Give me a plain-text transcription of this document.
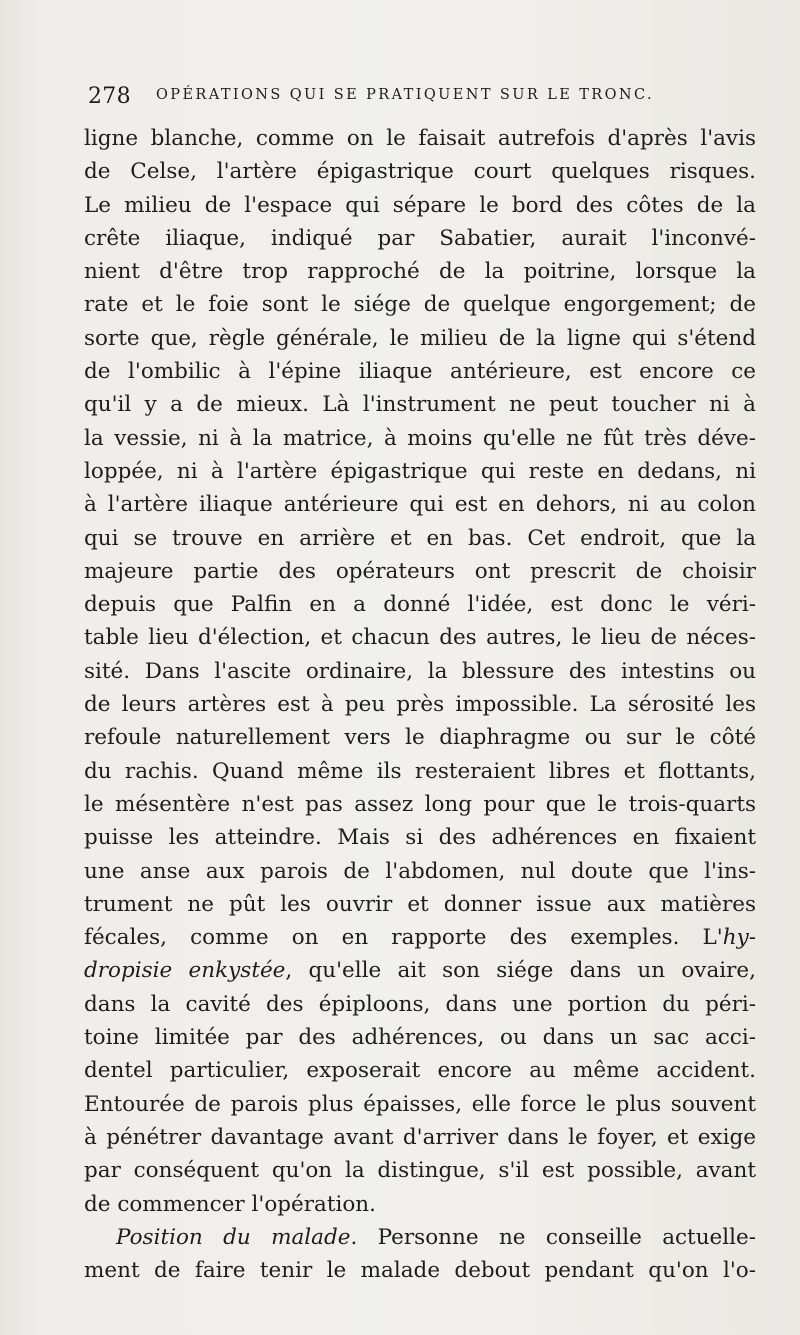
278 OPÉRATIONS QUI SE PRATIQUENT SUR LE TRONC.
ligne blanche, comme on le faisait autrefois d'après l'avis
de Celse, l'artère épigastrique court quelques risques.
Le milieu de l'espace qui sépare le bord des côtes de la
crête iliaque, indiqué par Sabatier, aurait l'inconvé-
nient d'être trop rapproché de la poitrine, lorsque la
rate et le foie sont le siége de quelque engorgement; de
sorte que, règle générale, le milieu de la ligne qui s'étend
de l'ombilic à l'épine iliaque antérieure, est encore ce
qu'il y a de mieux. Là l'instrument ne peut toucher ni à
la vessie, ni à la matrice, à moins qu'elle ne fût très déve-
loppée, ni à l'artère épigastrique qui reste en dedans, ni
à l'artère iliaque antérieure qui est en dehors, ni au colon
qui se trouve en arrière et en bas. Cet endroit, que la
majeure partie des opérateurs ont prescrit de choisir
depuis que Palfin en a donné l'idée, est donc le véri-
table lieu d'élection, et chacun des autres, le lieu de néces-
sité. Dans l'ascite ordinaire, la blessure des intestins ou
de leurs artères est à peu près impossible. La sérosité les
refoule naturellement vers le diaphragme ou sur le côté
du rachis. Quand même ils resteraient libres et flottants,
le mésentère n'est pas assez long pour que le trois-quarts
puisse les atteindre. Mais si des adhérences en fixaient
une anse aux parois de l'abdomen, nul doute que l'ins-
trument ne pût les ouvrir et donner issue aux matières
fécales, comme on en rapporte des exemples. L'hy-
dropisie enkystée, qu'elle ait son siége dans un ovaire,
dans la cavité des épiploons, dans une portion du péri-
toine limitée par des adhérences, ou dans un sac acci-
dentel particulier, exposerait encore au même accident.
Entourée de parois plus épaisses, elle force le plus souvent
à pénétrer davantage avant d'arriver dans le foyer, et exige
par conséquent qu'on la distingue, s'il est possible, avant
de commencer l'opération.
Position du malade. Personne ne conseille actuelle-
ment de faire tenir le malade debout pendant qu'on l'o-
